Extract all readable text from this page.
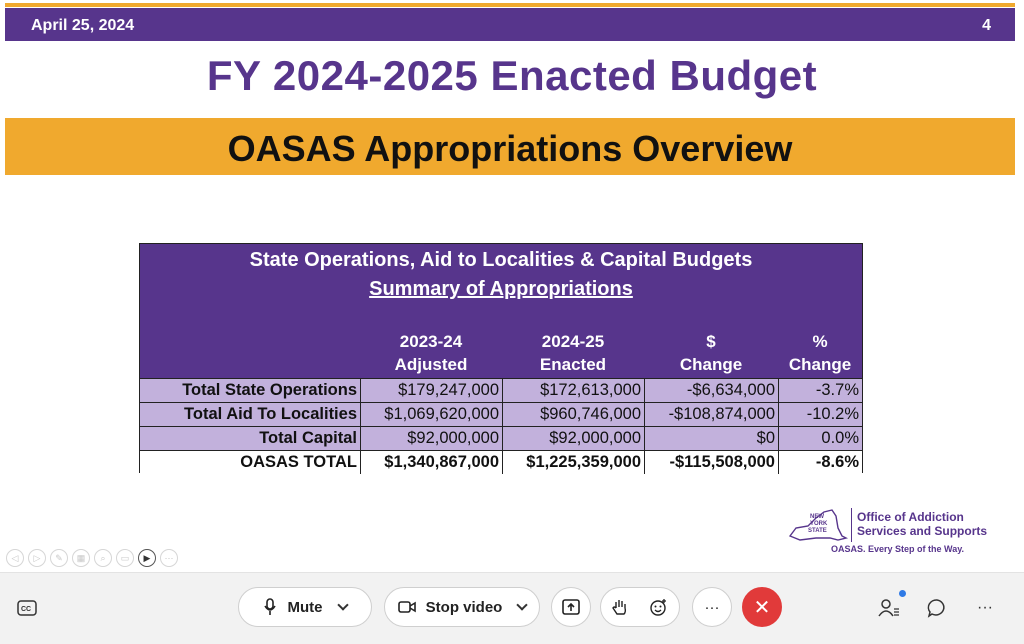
April 25, 2024	4
FY 2024-2025 Enacted Budget
OASAS Appropriations Overview
State Operations, Aid to Localities & Capital Budgets
Summary of Appropriations
2023-24
Adjusted
2024-25
Enacted
$
Change
%
Change
Total State Operations	$179,247,000	$172,613,000	-$6,634,000	-3.7%
Total Aid To Localities	$1,069,620,000	$960,746,000	-$108,874,000	-10.2%
Total Capital	$92,000,000	$92,000,000	$0	0.0%
OASAS TOTAL	$1,340,867,000	$1,225,359,000	-$115,508,000	-8.6%
NEW
YORK
STATE
Office of Addiction
Services and Supports
OASAS. Every Step of the Way.
◁	▷	✎	▦	⌕	▭	▶	⋯
CC	Mute	Stop video	···	✕	···
